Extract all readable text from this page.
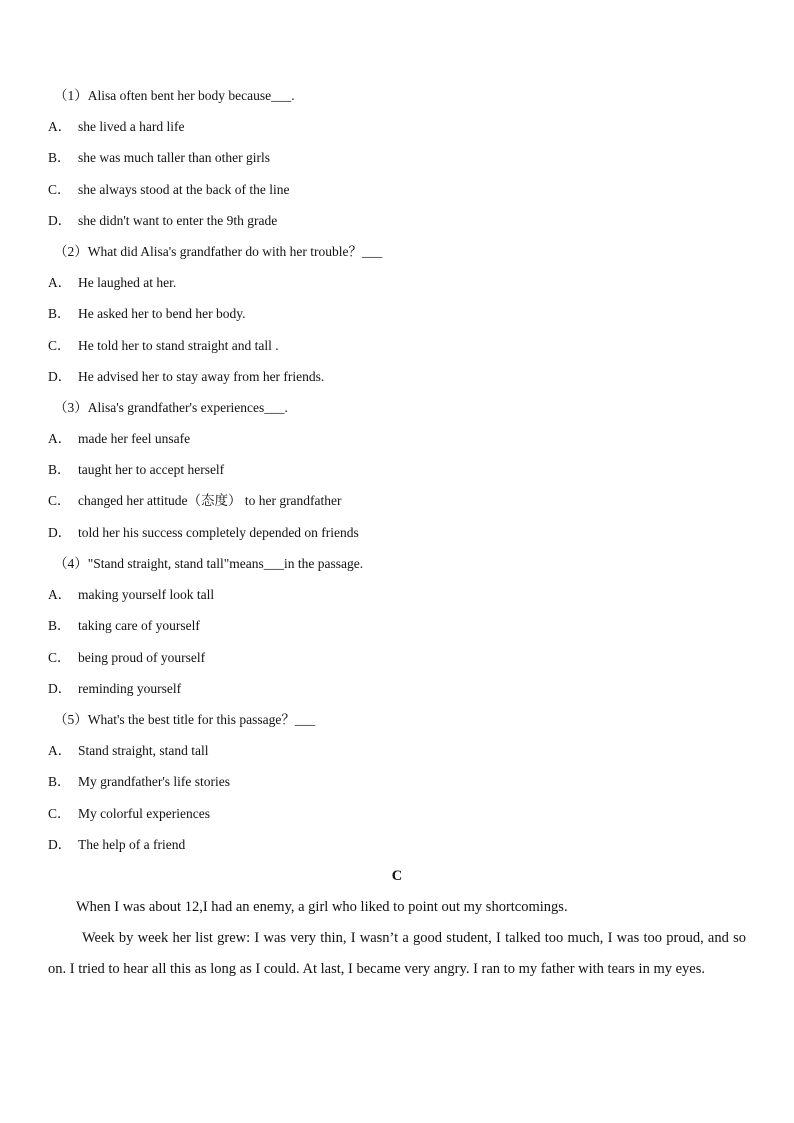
（1）Alisa often bent her body because___.
A． she lived a hard life
B． she was much taller than other girls
C． she always stood at the back of the line
D． she didn't want to enter the 9th grade
（2）What did Alisa's grandfather do with her trouble？___
A． He laughed at her.
B． He asked her to bend her body.
C． He told her to stand straight and tall .
D． He advised her to stay away from her friends.
（3）Alisa's grandfather's experiences___.
A． made her feel unsafe
B． taught her to accept herself
C． changed her attitude（态度） to her grandfather
D． told her his success completely depended on friends
（4）"Stand straight, stand tall"means___in the passage.
A． making yourself look tall
B． taking care of yourself
C． being proud of yourself
D． reminding yourself
（5）What's the best title for this passage？___
A． Stand straight, stand tall
B． My grandfather's life stories
C． My colorful experiences
D． The help of a friend
C
When I was about 12,I had an enemy, a girl who liked to point out my shortcomings.
Week by week her list grew: I was very thin, I wasn’t a good student, I talked too much, I was too proud, and so on. I tried to hear all this as long as I could. At last, I became very angry. I ran to my father with tears in my eyes.
